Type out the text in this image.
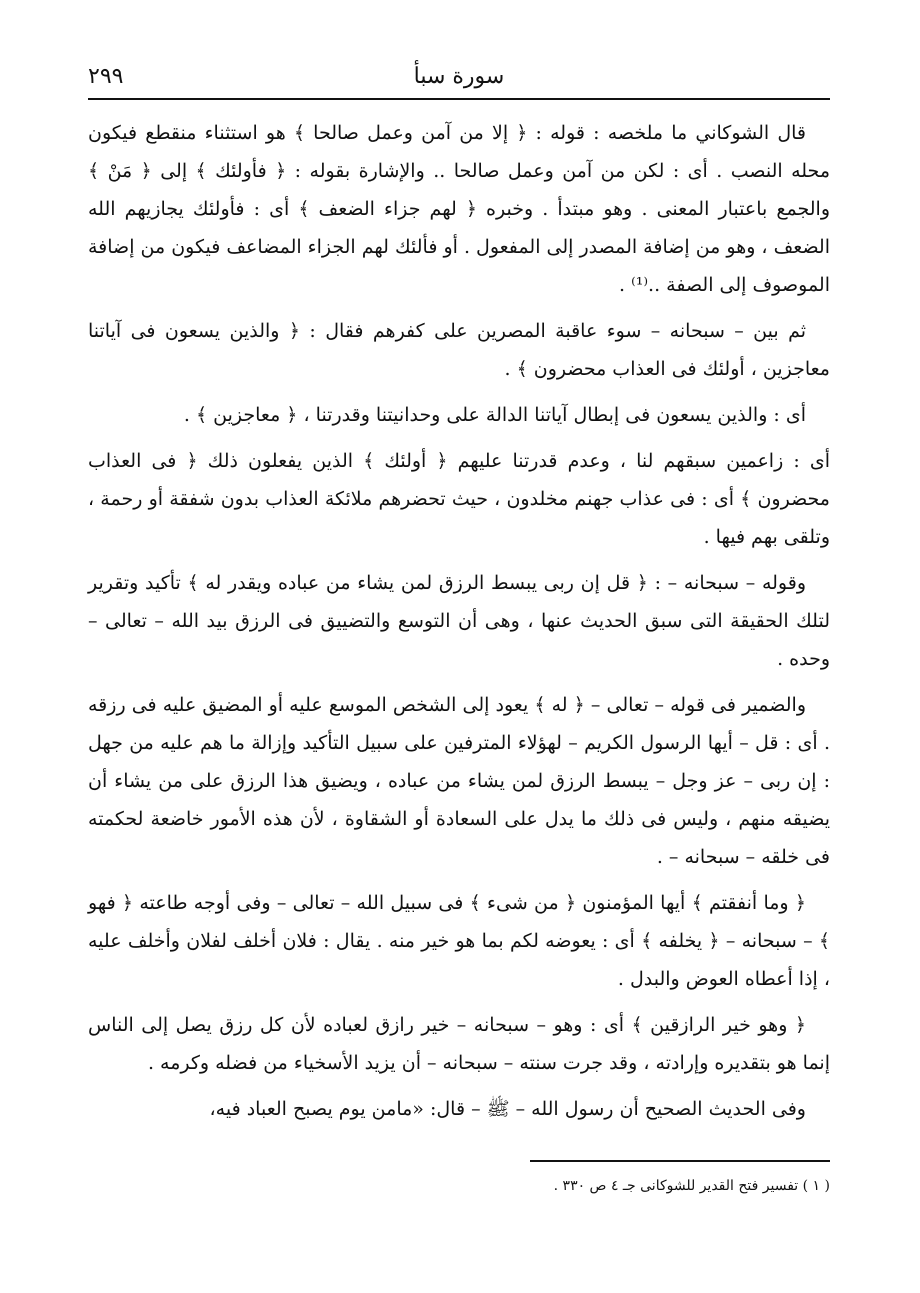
سورة سبأ
٢٩٩

قال الشوكاني ما ملخصه : قوله : ﴿ إلا من آمن وعمل صالحا ﴾ هو استثناء منقطع فيكون محله النصب . أى : لكن من آمن وعمل صالحا .. والإشارة بقوله : ﴿ فأولئك ﴾ إلى ﴿ مَنْ ﴾ والجمع باعتبار المعنى . وهو مبتدأ . وخبره ﴿ لهم جزاء الضعف ﴾ أى : فأولئك يجازيهم الله الضعف ، وهو من إضافة المصدر إلى المفعول . أو فألئك لهم الجزاء المضاعف فيكون من إضافة الموصوف إلى الصفة ..⁽¹⁾ .

ثم بين – سبحانه – سوء عاقبة المصرين على كفرهم فقال : ﴿ والذين يسعون فى آياتنا معاجزين ، أولئك فى العذاب محضرون ﴾ .

أى : والذين يسعون فى إبطال آياتنا الدالة على وحدانيتنا وقدرتنا ، ﴿ معاجزين ﴾ .

أى : زاعمين سبقهم لنا ، وعدم قدرتنا عليهم ﴿ أولئك ﴾ الذين يفعلون ذلك ﴿ فى العذاب محضرون ﴾ أى : فى عذاب جهنم مخلدون ، حيث تحضرهم ملائكة العذاب بدون شفقة أو رحمة ، وتلقى بهم فيها .

وقوله – سبحانه – : ﴿ قل إن ربى يبسط الرزق لمن يشاء من عباده ويقدر له ﴾ تأكيد وتقرير لتلك الحقيقة التى سبق الحديث عنها ، وهى أن التوسع والتضييق فى الرزق بيد الله – تعالى – وحده .

والضمير فى قوله – تعالى – ﴿ له ﴾ يعود إلى الشخص الموسع عليه أو المضيق عليه فى رزقه . أى : قل – أيها الرسول الكريم – لهؤلاء المترفين على سبيل التأكيد وإزالة ما هم عليه من جهل : إن ربى – عز وجل – يبسط الرزق لمن يشاء من عباده ، ويضيق هذا الرزق على من يشاء أن يضيقه منهم ، وليس فى ذلك ما يدل على السعادة أو الشقاوة ، لأن هذه الأمور خاضعة لحكمته فى خلقه – سبحانه – .

﴿ وما أنفقتم ﴾ أيها المؤمنون ﴿ من شىء ﴾ فى سبيل الله – تعالى – وفى أوجه طاعته ﴿ فهو ﴾ – سبحانه – ﴿ يخلفه ﴾ أى : يعوضه لكم بما هو خير منه . يقال : فلان أخلف لفلان وأخلف عليه ، إذا أعطاه العوض والبدل .

﴿ وهو خير الرازقين ﴾ أى : وهو – سبحانه – خير رازق لعباده لأن كل رزق يصل إلى الناس إنما هو بتقديره وإرادته ، وقد جرت سنته – سبحانه – أن يزيد الأسخياء من فضله وكرمه .

وفى الحديث الصحيح أن رسول الله – ﷺ – قال: «مامن يوم يصبح العباد فيه،

( ١ ) تفسير فتح القدير للشوكانى جـ ٤ ص ٣٣٠ .
